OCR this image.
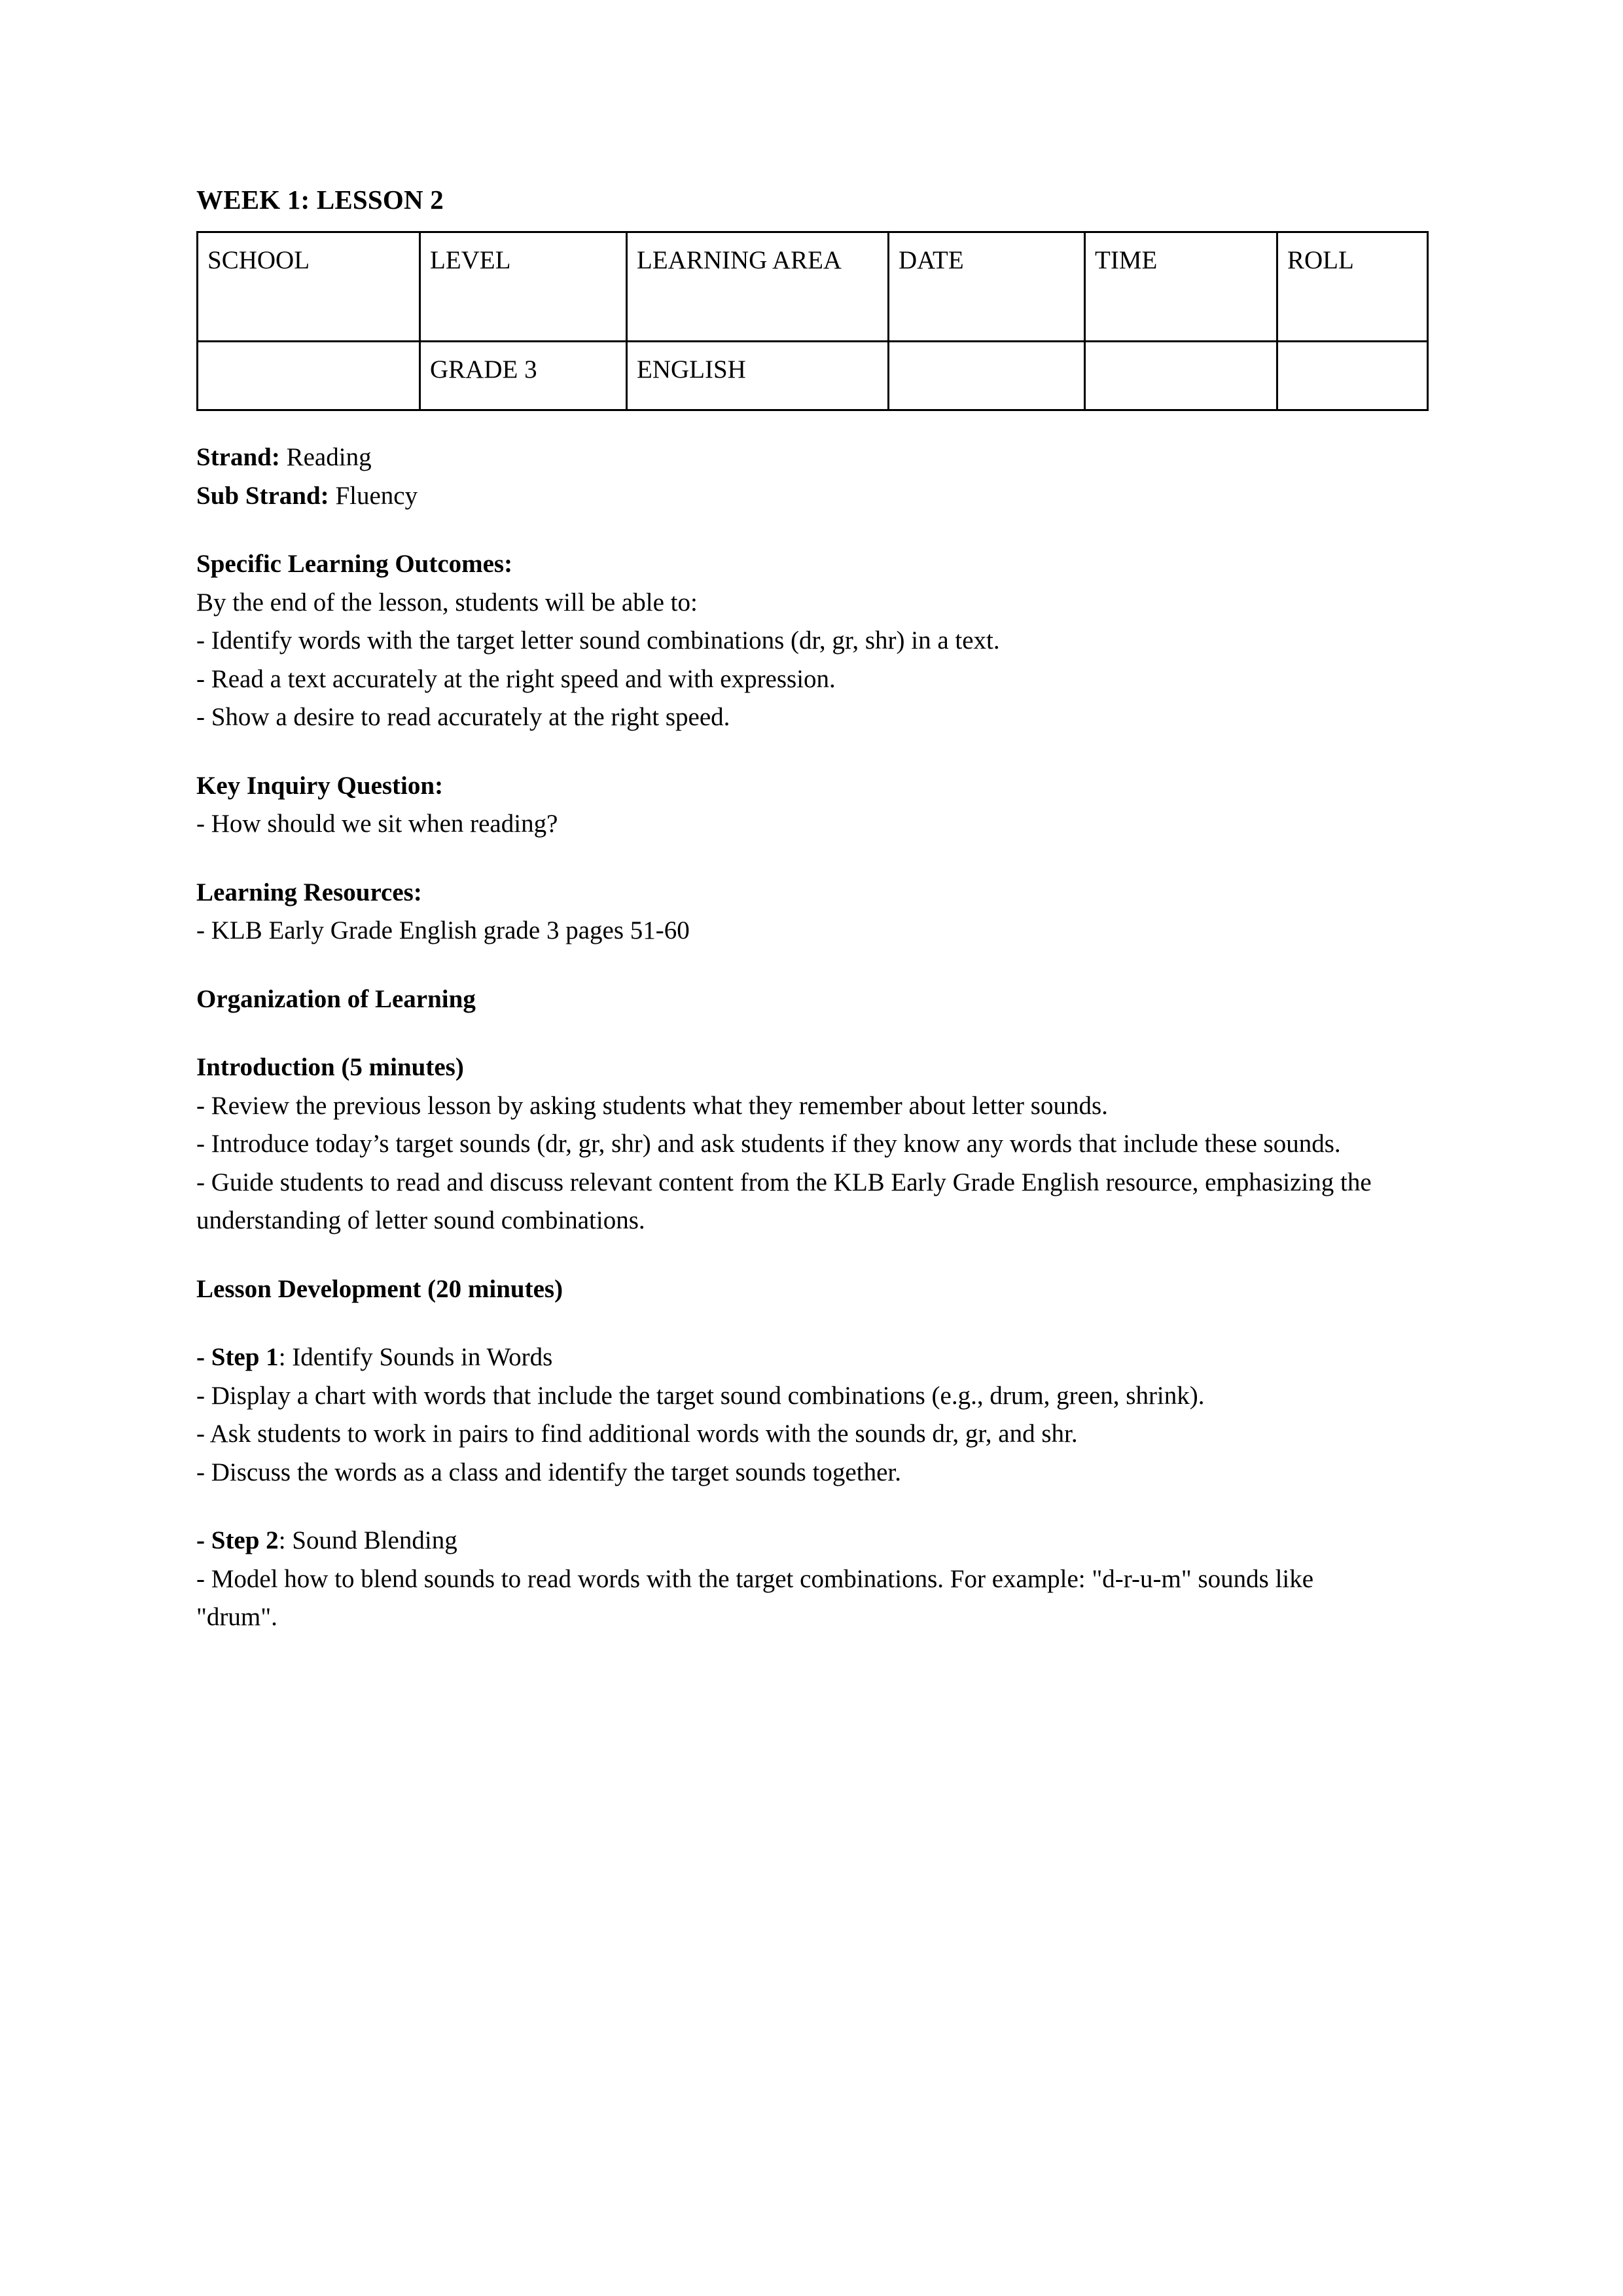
WEEK 1: LESSON 2
SCHOOL	LEVEL	LEARNING AREA	DATE	TIME	ROLL
	GRADE 3	ENGLISH			

Strand: Reading

Sub Strand: Fluency

Specific Learning Outcomes:

By the end of the lesson, students will be able to:

- Identify words with the target letter sound combinations (dr, gr, shr) in a text.

- Read a text accurately at the right speed and with expression.

- Show a desire to read accurately at the right speed.

Key Inquiry Question:

- How should we sit when reading?

Learning Resources:

- KLB Early Grade English grade 3 pages 51-60

Organization of Learning
Introduction (5 minutes)

- Review the previous lesson by asking students what they remember about letter sounds.

- Introduce today’s target sounds (dr, gr, shr) and ask students if they know any words that include these sounds.

- Guide students to read and discuss relevant content from the KLB Early Grade English resource, emphasizing the understanding of letter sound combinations.

Lesson Development (20 minutes)

- Step 1: Identify Sounds in Words

- Display a chart with words that include the target sound combinations (e.g., drum, green, shrink).

- Ask students to work in pairs to find additional words with the sounds dr, gr, and shr.

- Discuss the words as a class and identify the target sounds together.

- Step 2: Sound Blending

- Model how to blend sounds to read words with the target combinations. For example: "d-r-u-m" sounds like "drum".
